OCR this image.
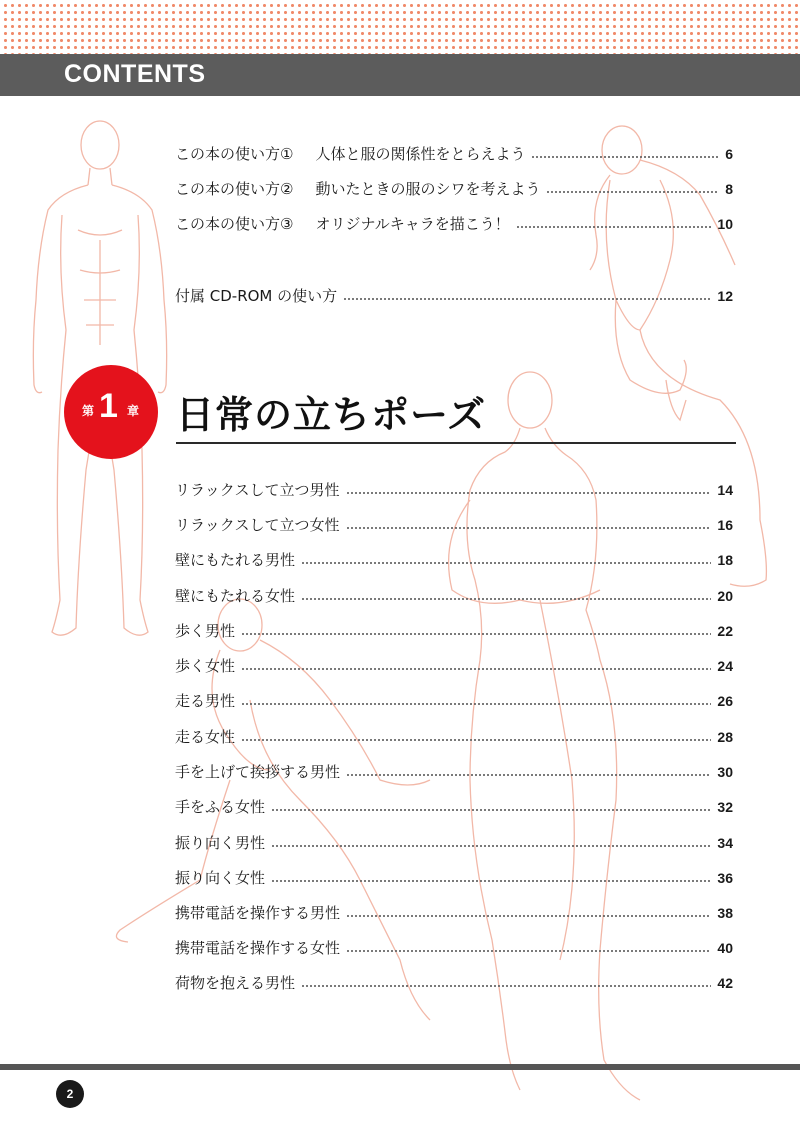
CONTENTS
この本の使い方① 人体と服の関係性をとらえよう	6
この本の使い方② 動いたときの服のシワを考えよう	8
この本の使い方③ オリジナルキャラを描こう！	10
付属 CD-ROM の使い方	12
第 1 章 日常の立ちポーズ
リラックスして立つ男性	14
リラックスして立つ女性	16
壁にもたれる男性	18
壁にもたれる女性	20
歩く男性	22
歩く女性	24
走る男性	26
走る女性	28
手を上げて挨拶する男性	30
手をふる女性	32
振り向く男性	34
振り向く女性	36
携帯電話を操作する男性	38
携帯電話を操作する女性	40
荷物を抱える男性	42
2
